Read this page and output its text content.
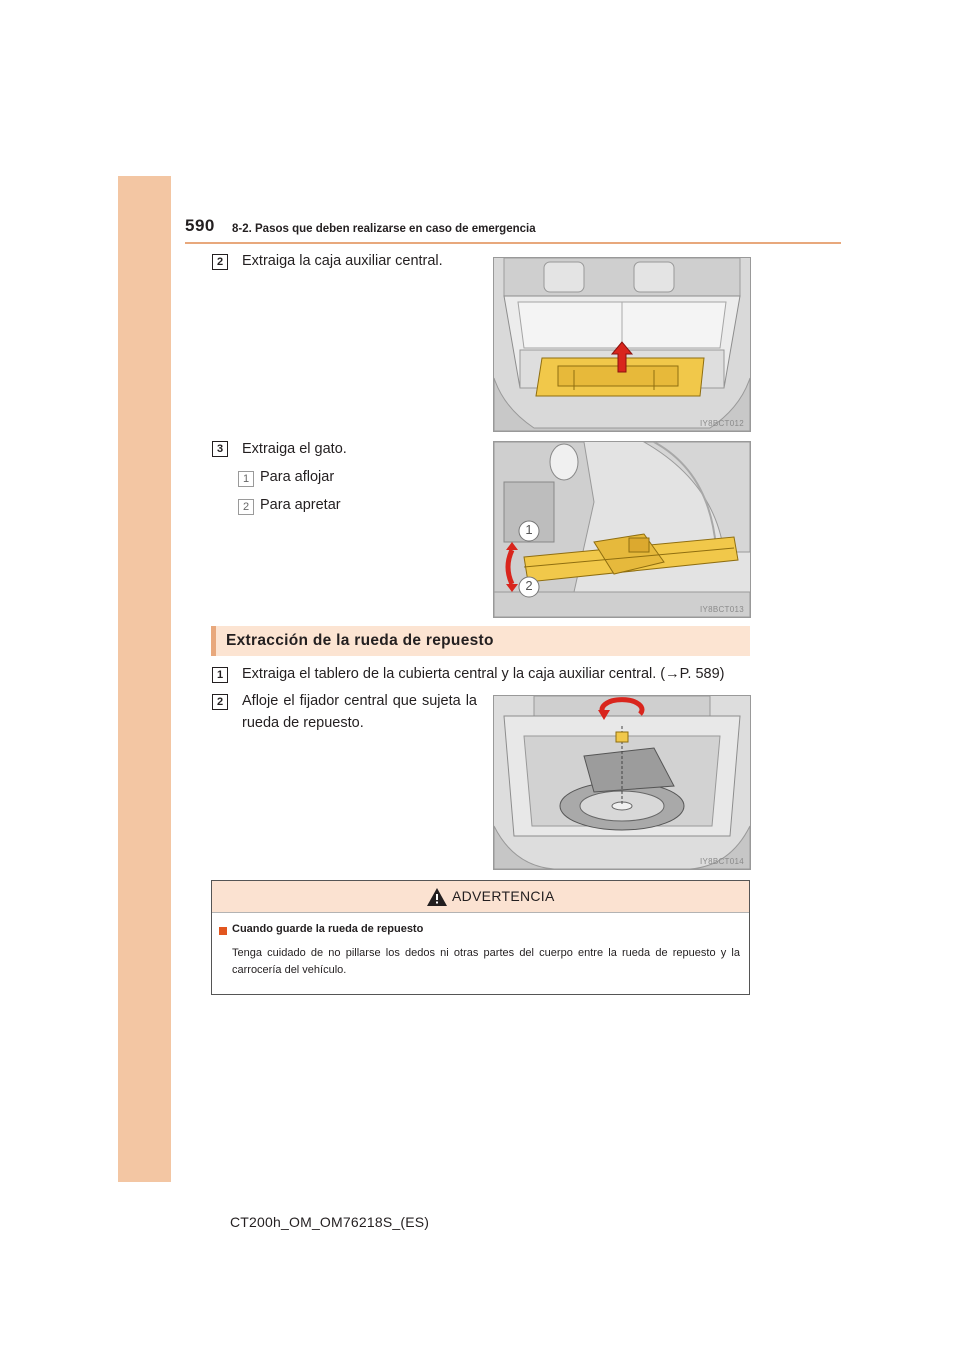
590 8-2. Pasos que deben realizarse en caso de emergencia
2	Extraiga la caja auxiliar central.
IY8BCT012
3	Extraiga el gato.
1 Para aflojar
2 Para apretar
1
2
IY8BCT013
Extracción de la rueda de repuesto
1	Extraiga el tablero de la cubierta central y la caja auxiliar central. (→P. 589)
2	Afloje el fijador central que sujeta la rueda de repuesto.
IY8BCT014
ADVERTENCIA
Cuando guarde la rueda de repuesto
Tenga cuidado de no pillarse los dedos ni otras partes del cuerpo entre la rueda de repuesto y la carrocería del vehículo.
CT200h_OM_OM76218S_(ES)
